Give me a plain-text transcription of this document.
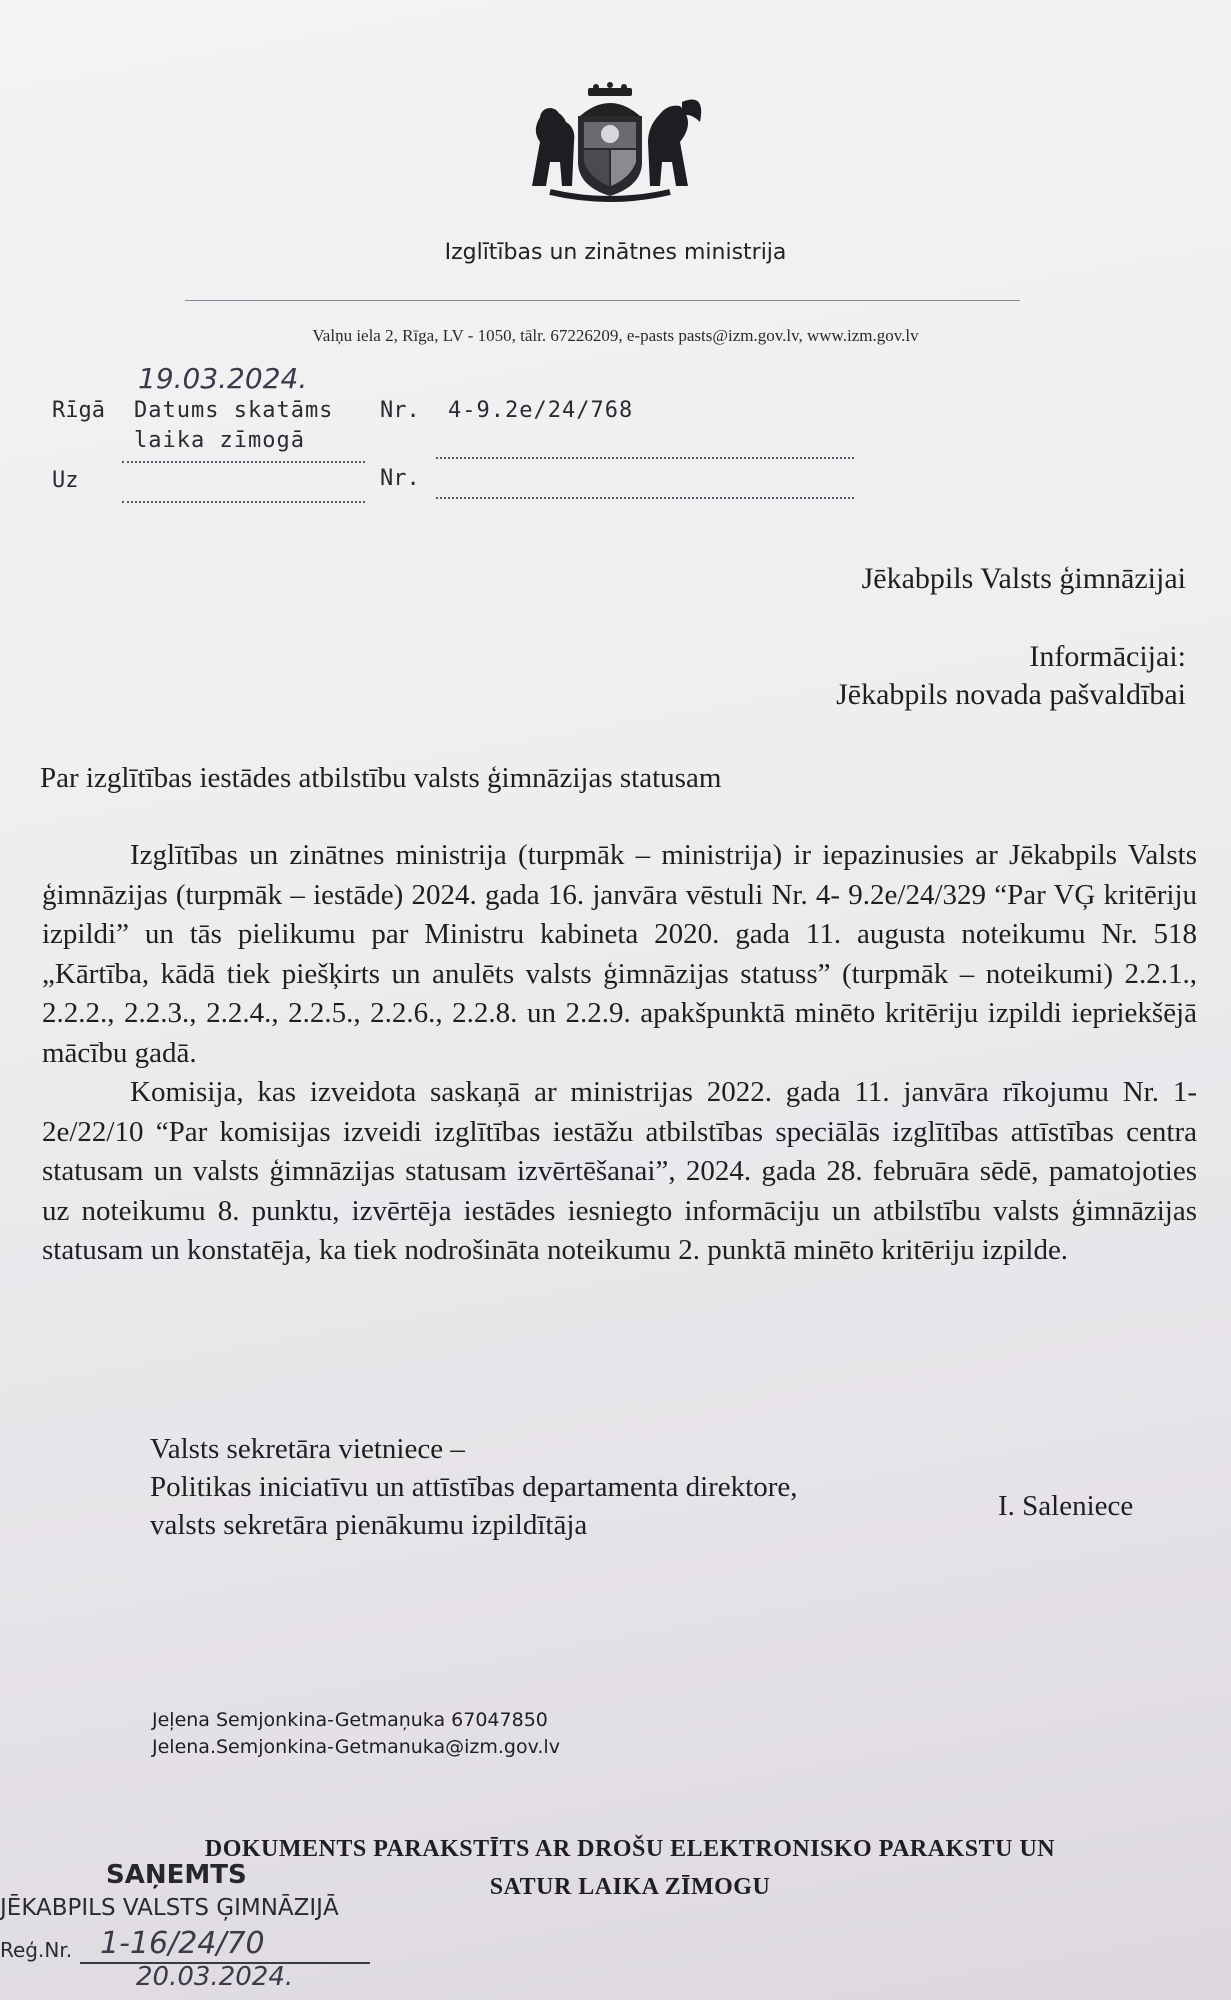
Izglītības un zinātnes ministrija
Valņu iela 2, Rīga, LV - 1050, tālr. 67226209, e-pasts pasts@izm.gov.lv, www.izm.gov.lv
19.03.2024.
Rīgā Datums skatāms
laika zīmogā
Nr. 4-9.2e/24/768
Uz	Nr.
Jēkabpils Valsts ģimnāzijai
Informācijai:
Jēkabpils novada pašvaldībai
Par izglītības iestādes atbilstību valsts ģimnāzijas statusam

Izglītības un zinātnes ministrija (turpmāk – ministrija) ir iepazinusies ar Jēkabpils Valsts ģimnāzijas (turpmāk – iestāde) 2024. gada 16. janvāra vēstuli Nr. 4- 9.2e/24/329 “Par VĢ kritēriju izpildi” un tās pielikumu par Ministru kabineta 2020. gada 11. augusta noteikumu Nr. 518 „Kārtība, kādā tiek piešķirts un anulēts valsts ģimnāzijas statuss” (turpmāk – noteikumi) 2.2.1., 2.2.2., 2.2.3., 2.2.4., 2.2.5., 2.2.6., 2.2.8. un 2.2.9. apakšpunktā minēto kritēriju izpildi iepriekšējā mācību gadā.

Komisija, kas izveidota saskaņā ar ministrijas 2022. gada 11. janvāra rīkojumu Nr. 1-2e/22/10 “Par komisijas izveidi izglītības iestāžu atbilstības speciālās izglītības attīstības centra statusam un valsts ģimnāzijas statusam izvērtēšanai”, 2024. gada 28. februāra sēdē, pamatojoties uz noteikumu 8. punktu, izvērtēja iestādes iesniegto informāciju un atbilstību valsts ģimnāzijas statusam un konstatēja, ka tiek nodrošināta noteikumu 2. punktā minēto kritēriju izpilde.

Valsts sekretāra vietniece –
Politikas iniciatīvu un attīstības departamenta direktore,
valsts sekretāra pienākumu izpildītāja
I. Saleniece
Jeļena Semjonkina-Getmaņuka 67047850
Jelena.Semjonkina-Getmanuka@izm.gov.lv
DOKUMENTS PARAKSTĪTS AR DROŠU ELEKTRONISKO PARAKSTU UN
SATUR LAIKA ZĪMOGU
SAŅEMTS
JĒKABPILS VALSTS ĢIMNĀZIJĀ
Reģ.Nr. 1-16/24/70
20.03.2024.
